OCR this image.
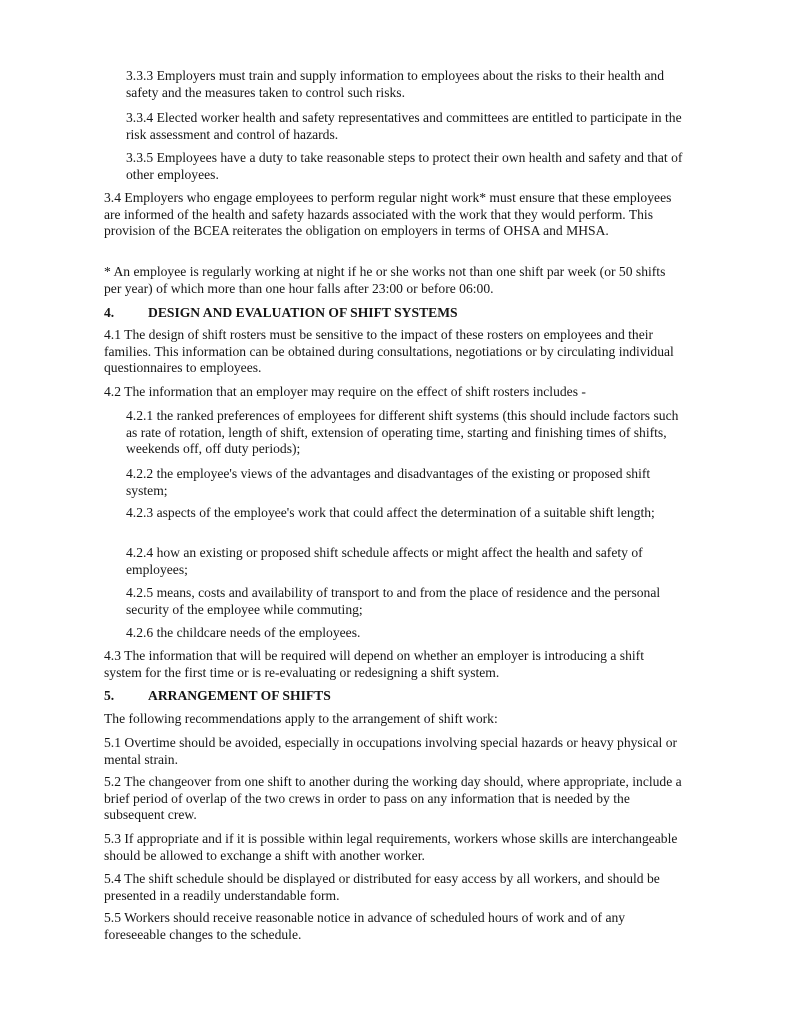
3.3.3 Employers must train and supply information to employees about the risks to their health and safety and the measures taken to control such risks.

3.3.4 Elected worker health and safety representatives and committees are entitled to participate in the risk assessment and control of hazards.

3.3.5 Employees have a duty to take reasonable steps to protect their own health and safety and that of other employees.

3.4 Employers who engage employees to perform regular night work* must ensure that these employees are informed of the health and safety hazards associated with the work that they would perform. This provision of the BCEA reiterates the obligation on employers in terms of OHSA and MHSA.

* An employee is regularly working at night if he or she works not than one shift par week (or 50 shifts per year) of which more than one hour falls after 23:00 or before 06:00.

4. DESIGN AND EVALUATION OF SHIFT SYSTEMS

4.1 The design of shift rosters must be sensitive to the impact of these rosters on employees and their families. This information can be obtained during consultations, negotiations or by circulating individual questionnaires to employees.

4.2 The information that an employer may require on the effect of shift rosters includes -

4.2.1 the ranked preferences of employees for different shift systems (this should include factors such as rate of rotation, length of shift, extension of operating time, starting and finishing times of shifts, weekends off, off duty periods);

4.2.2 the employee's views of the advantages and disadvantages of the existing or proposed shift system;

4.2.3 aspects of the employee's work that could affect the determination of a suitable shift length;

4.2.4 how an existing or proposed shift schedule affects or might affect the health and safety of employees;

4.2.5 means, costs and availability of transport to and from the place of residence and the personal security of the employee while commuting;

4.2.6 the childcare needs of the employees.

4.3 The information that will be required will depend on whether an employer is introducing a shift system for the first time or is re-evaluating or redesigning a shift system.

5. ARRANGEMENT OF SHIFTS

The following recommendations apply to the arrangement of shift work:

5.1 Overtime should be avoided, especially in occupations involving special hazards or heavy physical or mental strain.

5.2 The changeover from one shift to another during the working day should, where appropriate, include a brief period of overlap of the two crews in order to pass on any information that is needed by the subsequent crew.

5.3 If appropriate and if it is possible within legal requirements, workers whose skills are interchangeable should be allowed to exchange a shift with another worker.

5.4 The shift schedule should be displayed or distributed for easy access by all workers, and should be presented in a readily understandable form.

5.5 Workers should receive reasonable notice in advance of scheduled hours of work and of any foreseeable changes to the schedule.
